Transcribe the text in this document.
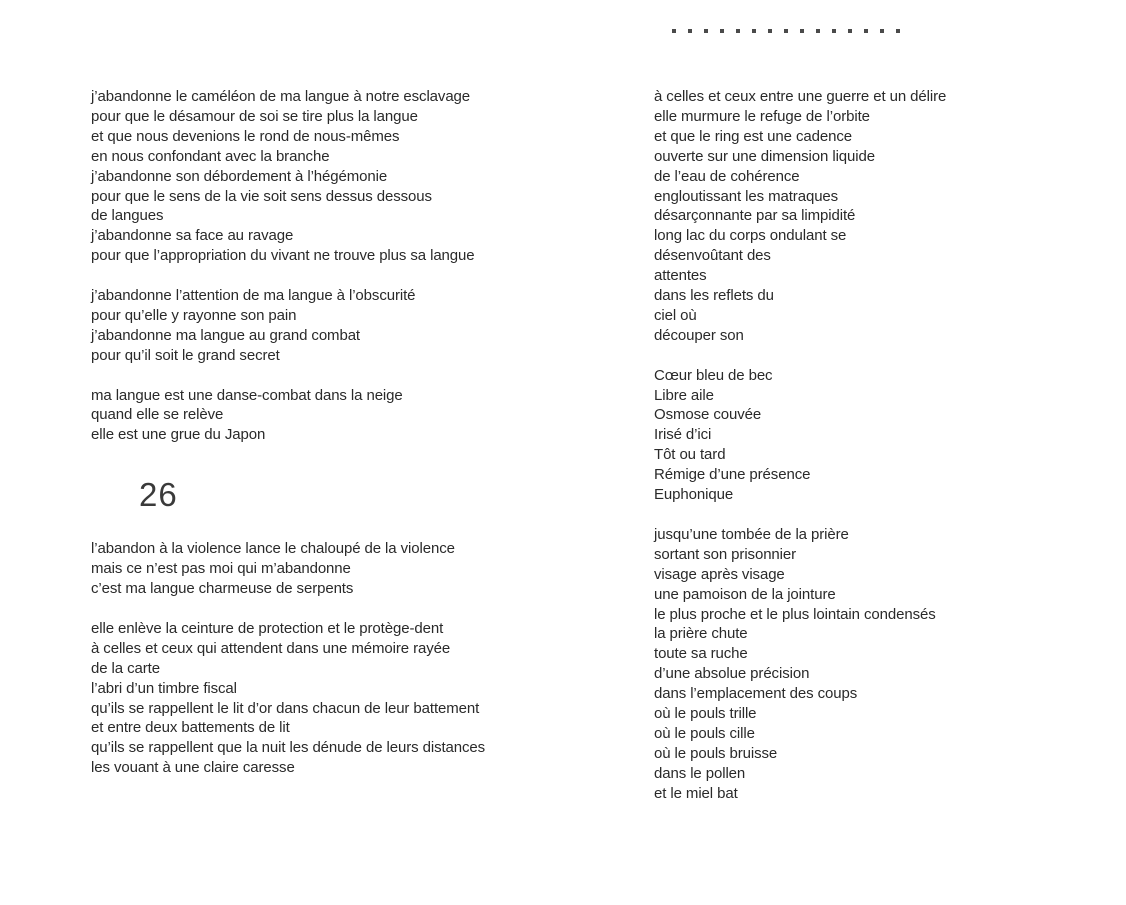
j’abandonne le caméléon de ma langue à notre esclavage
pour que le désamour de soi se tire plus la langue
et que nous devenions le rond de nous-mêmes
en nous confondant avec la branche
j’abandonne son débordement à l’hégémonie
pour que le sens de la vie soit sens dessus dessous
de langues
j’abandonne sa face au ravage
pour que l’appropriation du vivant ne trouve plus sa langue
j’abandonne l’attention de ma langue à l’obscurité
pour qu’elle y rayonne son pain
j’abandonne ma langue au grand combat
pour qu’il soit le grand secret
ma langue est une danse-combat dans la neige
quand elle se relève
elle est une grue du Japon
26
l’abandon à la violence lance le chaloupé de la violence
mais ce n’est pas moi qui m’abandonne
c’est ma langue charmeuse de serpents
elle enlève la ceinture de protection et le protège-dent
à celles et ceux qui attendent dans une mémoire rayée
de la carte
l’abri d’un timbre fiscal
qu’ils se rappellent le lit d’or dans chacun de leur battement
et entre deux battements de lit
qu’ils se rappellent que la nuit les dénude de leurs distances
les vouant à une claire caresse
à celles et ceux entre une guerre et un délire
elle murmure le refuge de l’orbite
et que le ring est une cadence
ouverte sur une dimension liquide
de l’eau de cohérence
engloutissant les matraques
désarçonnante par sa limpidité
long lac du corps ondulant se
désenvoûtant des
attentes
dans les reflets du
ciel où
découper son
Cœur bleu de bec
Libre aile
Osmose couvée
Irisé d’ici
Tôt ou tard
Rémige d’une présence
Euphonique
jusqu’une tombée de la prière
sortant son prisonnier
visage après visage
une pamoison de la jointure
le plus proche et le plus lointain condensés
la prière chute
toute sa ruche
d’une absolue précision
dans l’emplacement des coups
où le pouls trille
où le pouls cille
où le pouls bruisse
dans le pollen
et le miel bat
